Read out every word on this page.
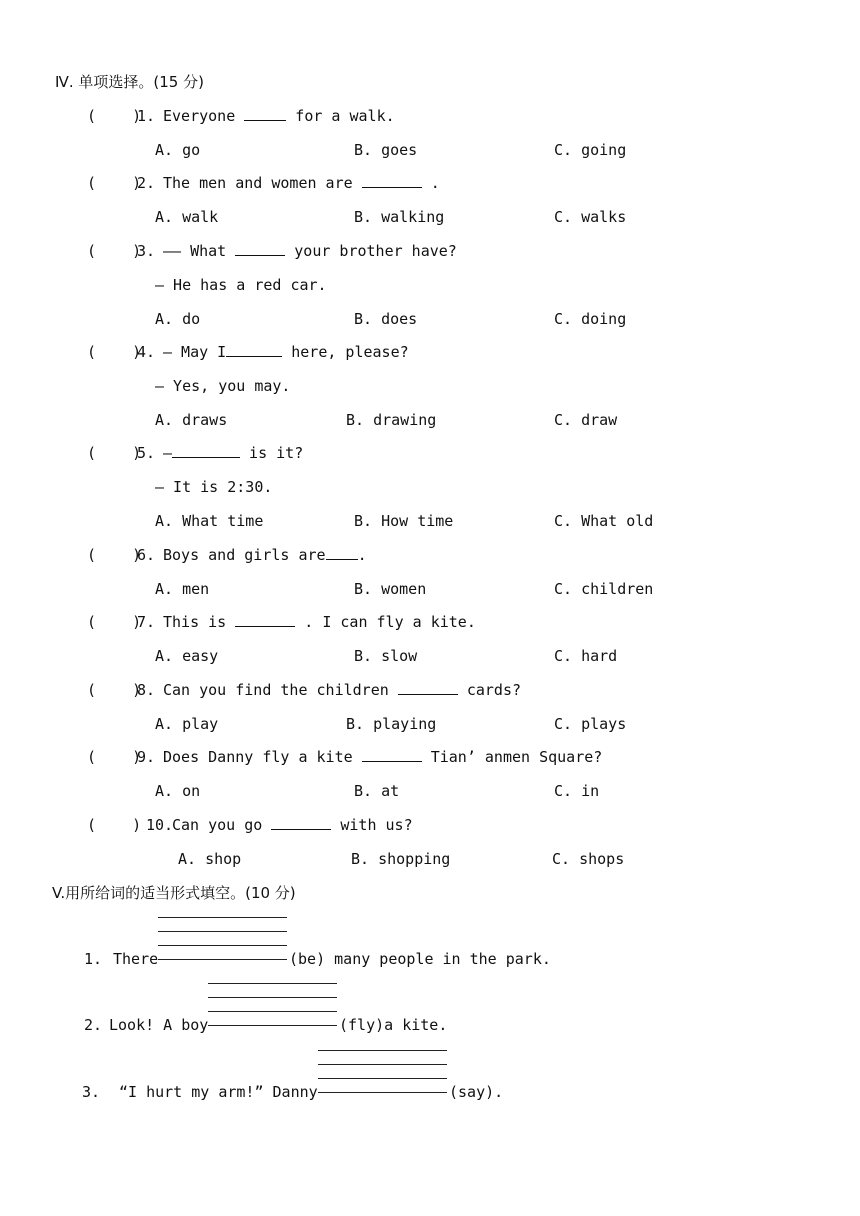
Ⅳ. 单项选择。(15 分)
(    )
1. Everyone	for a walk.
A. go	B. goes	C. going
(    )
2. The men and women are	.
A. walk	B. walking	C. walks
(    )
3. —— What	your brother have?
— He has a red car.
A. do	B. does	C. doing
(    )
4. — May I	here, please?
— Yes, you may.
A. draws	B. drawing	C. draw
(    )
5. —	is it?
— It is 2:30.
A. What time	B. How time	C. What old
(    )
6. Boys and girls are .
A. men	B. women	C. children
(    )
7. This is	. I can fly a kite.
A. easy	B. slow	C. hard
(    )
8. Can you find the children	cards?
A. play	B. playing	C. plays
(    )
9. Does Danny fly a kite	Tian’ anmen Square?
A. on	B. at	C. in
(    ) 10.
Can you go	with us?
A. shop	B. shopping	C. shops
V.用所给词的适当形式填空。(10 分)
1. There	(be) many people in the park.
2. Look! A boy	(fly)a kite.
3. “I hurt my arm!” Danny	(say).
